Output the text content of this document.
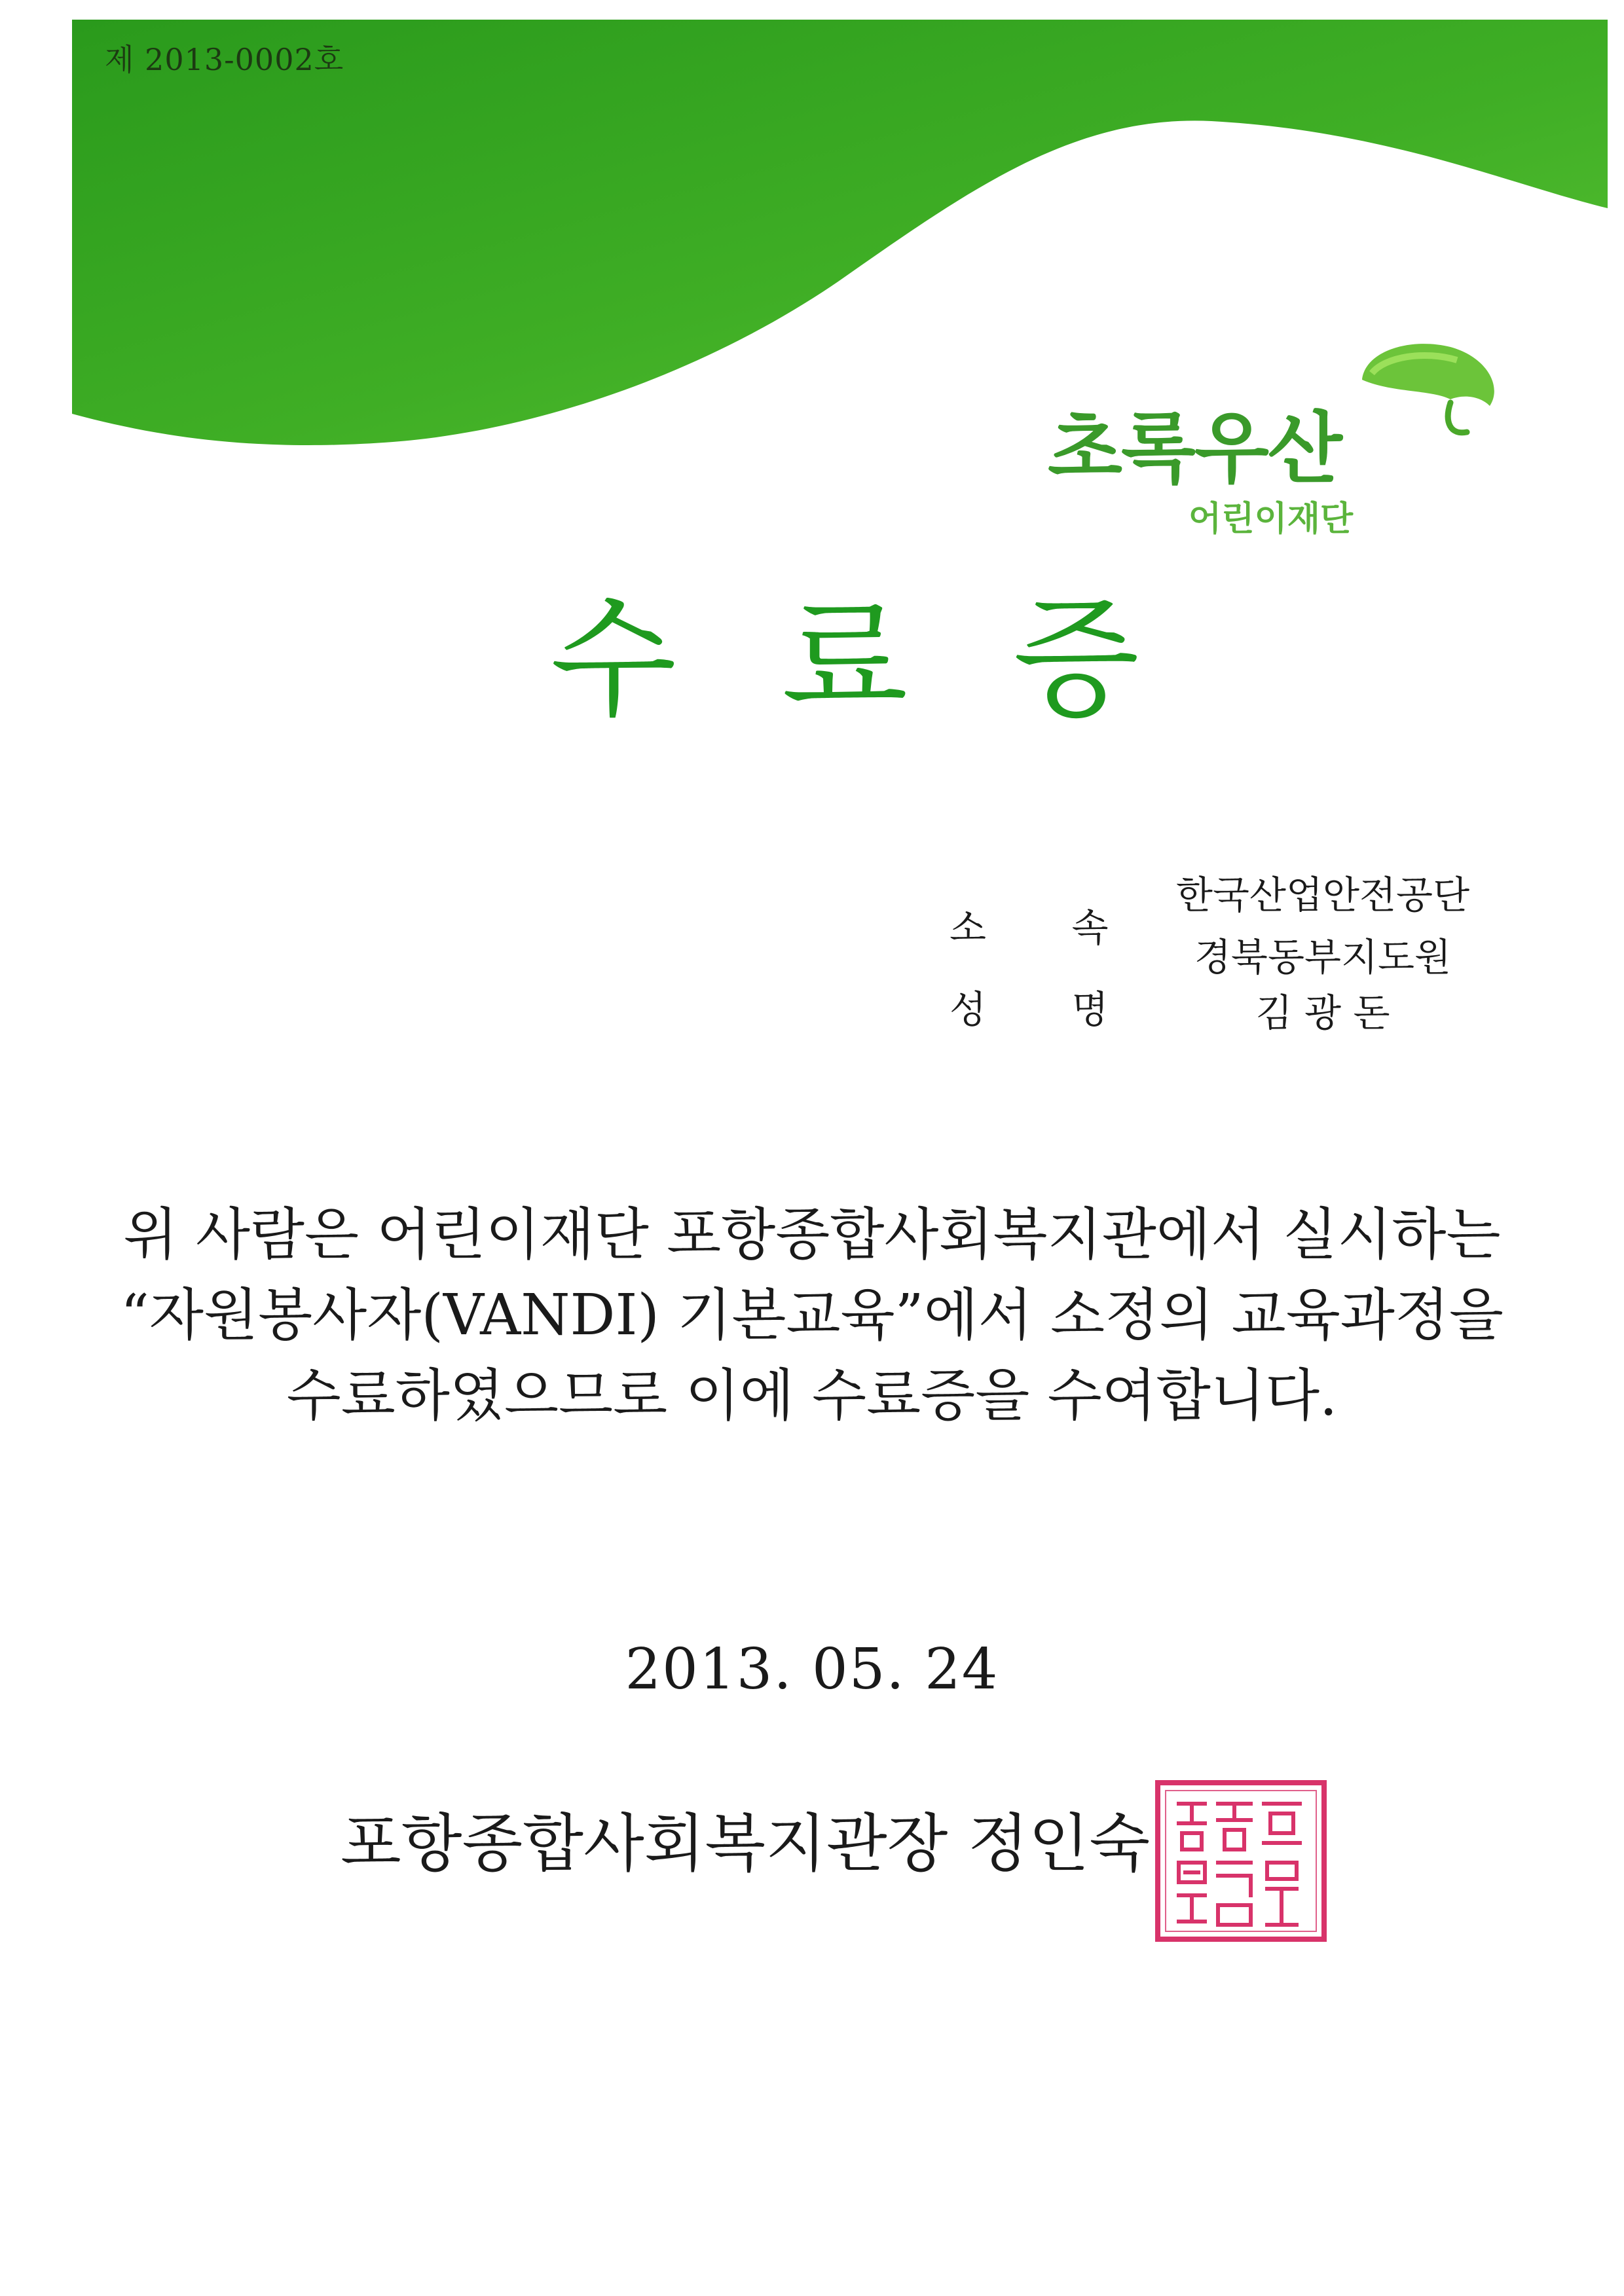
제 2013-0002호
초록우산
어린이재단
수 료 증
소 속
한국산업안전공단
경북동부지도원
성 명	김 광 돈
위 사람은 어린이재단 포항종합사회복지관에서 실시하는
“자원봉사자(VANDI) 기본교육”에서 소정의 교육과정을
수료하였으므로 이에 수료증을 수여합니다.
2013. 05. 24
포항종합사회복지관장 정인숙
